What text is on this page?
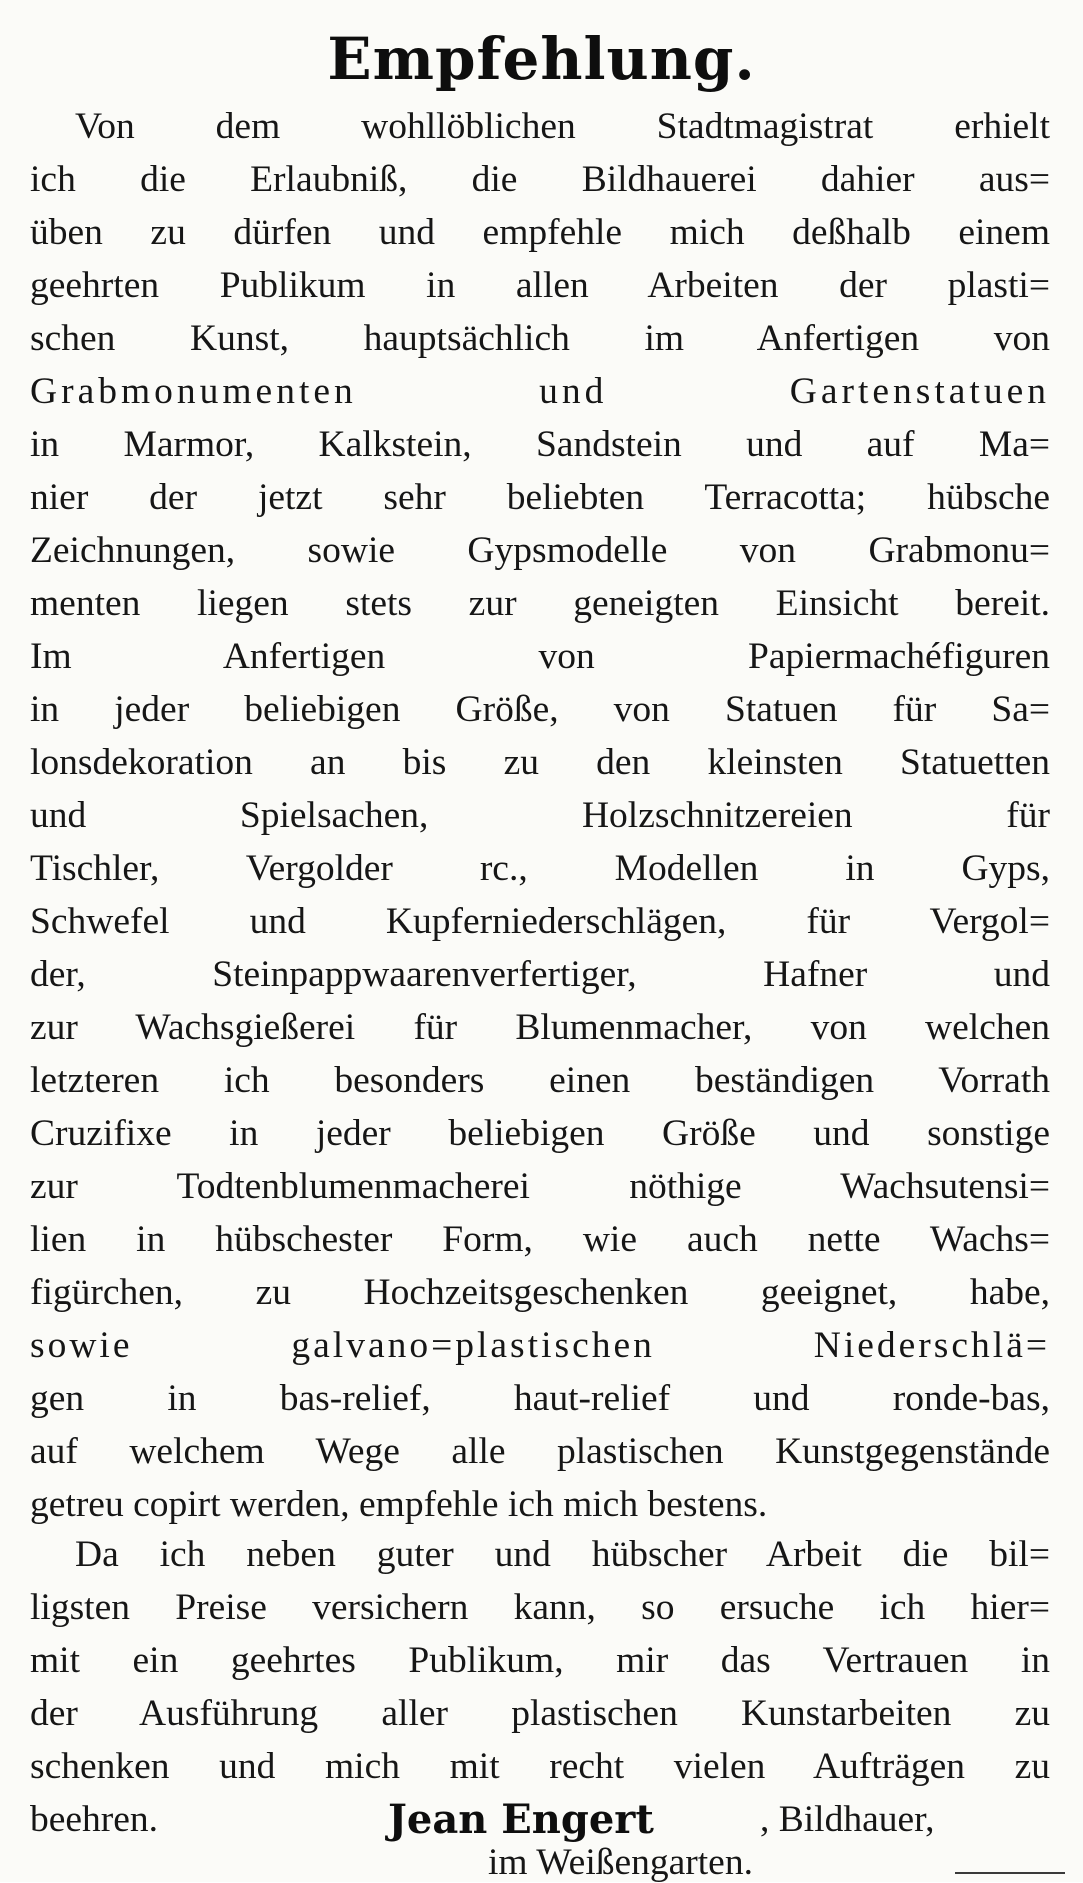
Empfehlung.
Von dem wohllöblichen Stadtmagistrat erhielt
ich die Erlaubniß, die Bildhauerei dahier aus=
üben zu dürfen und empfehle mich deßhalb einem
geehrten Publikum in allen Arbeiten der plasti=
schen Kunst, hauptsächlich im Anfertigen von
Grabmonumenten und Gartenstatuen
in Marmor, Kalkstein, Sandstein und auf Ma=
nier der jetzt sehr beliebten Terracotta; hübsche
Zeichnungen, sowie Gypsmodelle von Grabmonu=
menten liegen stets zur geneigten Einsicht bereit.
Im Anfertigen von Papiermachéfiguren
in jeder beliebigen Größe, von Statuen für Sa=
lonsdekoration an bis zu den kleinsten Statuetten
und Spielsachen, Holzschnitzereien für
Tischler, Vergolder rc., Modellen in Gyps,
Schwefel und Kupferniederschlägen, für Vergol=
der, Steinpappwaarenverfertiger, Hafner und
zur Wachsgießerei für Blumenmacher, von welchen
letzteren ich besonders einen beständigen Vorrath
Cruzifixe in jeder beliebigen Größe und sonstige
zur Todtenblumenmacherei nöthige Wachsutensi=
lien in hübschester Form, wie auch nette Wachs=
figürchen, zu Hochzeitsgeschenken geeignet, habe,
sowie galvano=plastischen Niederschlä=
gen in bas-relief, haut-relief und ronde-bas,
auf welchem Wege alle plastischen Kunstgegenstände
getreu copirt werden, empfehle ich mich bestens.
Da ich neben guter und hübscher Arbeit die bil=
ligsten Preise versichern kann, so ersuche ich hier=
mit ein geehrtes Publikum, mir das Vertrauen in
der Ausführung aller plastischen Kunstarbeiten zu
schenken und mich mit recht vielen Aufträgen zu
beehren.	Jean Engert	, Bildhauer,
im Weißengarten.
